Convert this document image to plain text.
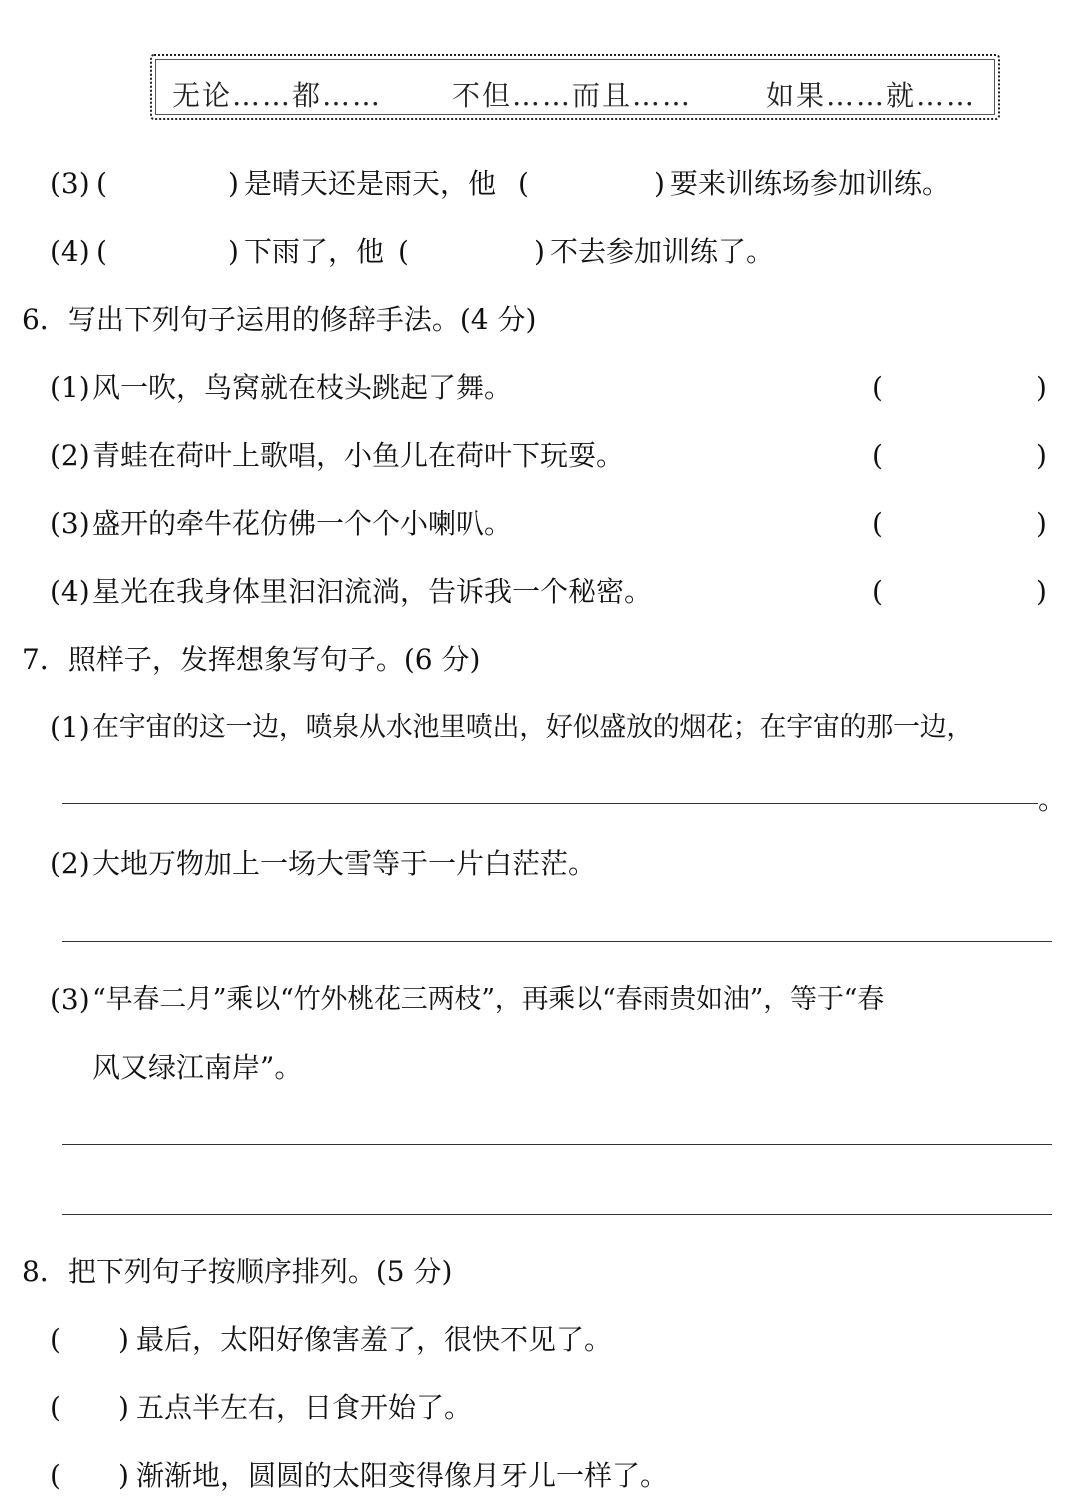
无论……都…… 不但……而且……	如果……就……
(3) (	) 是晴天还是雨天，他 (	) 要来训练场参加训练。
(4) (	) 下雨了，他 (	) 不去参加训练了。
6．写出下列句子运用的修辞手法。(4 分)
(1) 风一吹，鸟窝就在枝头跳起了舞。	(	)
(2) 青蛙在荷叶上歌唱，小鱼儿在荷叶下玩耍。	(	)
(3) 盛开的牵牛花仿佛一个个小喇叭。	(	)
(4) 星光在我身体里汩汩流淌，告诉我一个秘密。	(	)
7．照样子，发挥想象写句子。(6 分)
(1) 在宇宙的这一边，喷泉从水池里喷出，好似盛放的烟花；在宇宙的那一边，
。
(2) 大地万物加上一场大雪等于一片白茫茫。
(3) “早春二月”乘以“竹外桃花三两枝”，再乘以“春雨贵如油”，等于“春
风又绿江南岸”。
8．把下列句子按顺序排列。(5 分)
( ) 最后，太阳好像害羞了，很快不见了。
( ) 五点半左右，日食开始了。
( ) 渐渐地，圆圆的太阳变得像月牙儿一样了。
